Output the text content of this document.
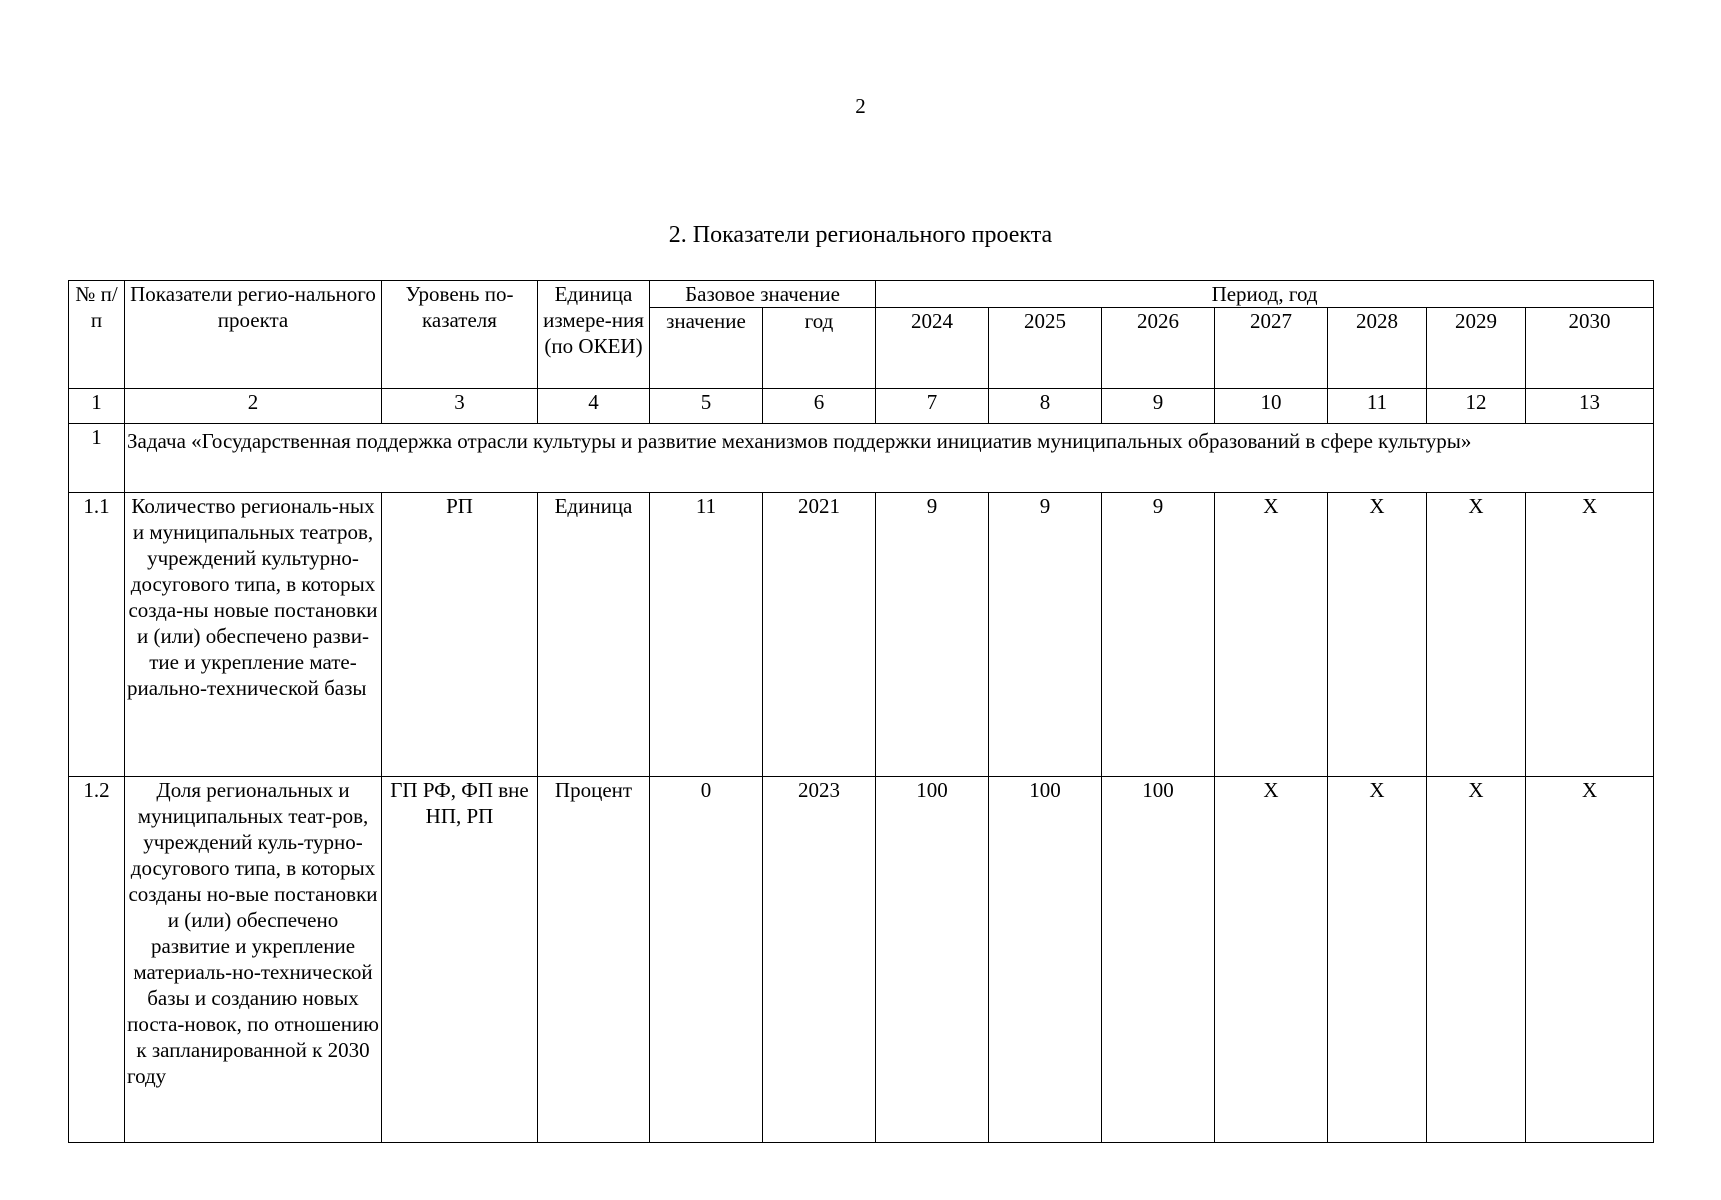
2
2. Показатели регионального проекта
№ п/п	Показатели регио-нального проекта	Уровень по-казателя	Единица измере-ния (по ОКЕИ)	Базовое значение		Период, год						
				значение	год	2024	2025	2026	2027	2028	2029	2030
1	2	3	4	5	6	7	8	9	10	11	12	13
1	Задача «Государственная поддержка отрасли культуры и развитие механизмов поддержки инициатив муниципальных образований в сфере культуры»											
1.1	Количество региональ-ных и муниципальных театров, учреждений культурно-досугового типа, в которых созда-ны новые постановки и (или) обеспечено разви-тие и укрепление мате-риально-технической базы	РП	Единица	11	2021	9	9	9	X	X	X	X
1.2	Доля региональных и муниципальных теат-ров, учреждений куль-турно-досугового типа, в которых созданы но-вые постановки и (или) обеспечено развитие и укрепление материаль-но-технической базы и созданию новых поста-новок, по отношению к запланированной к 2030 году	ГП РФ, ФП вне НП, РП	Процент	0	2023	100	100	100	X	X	X	X
